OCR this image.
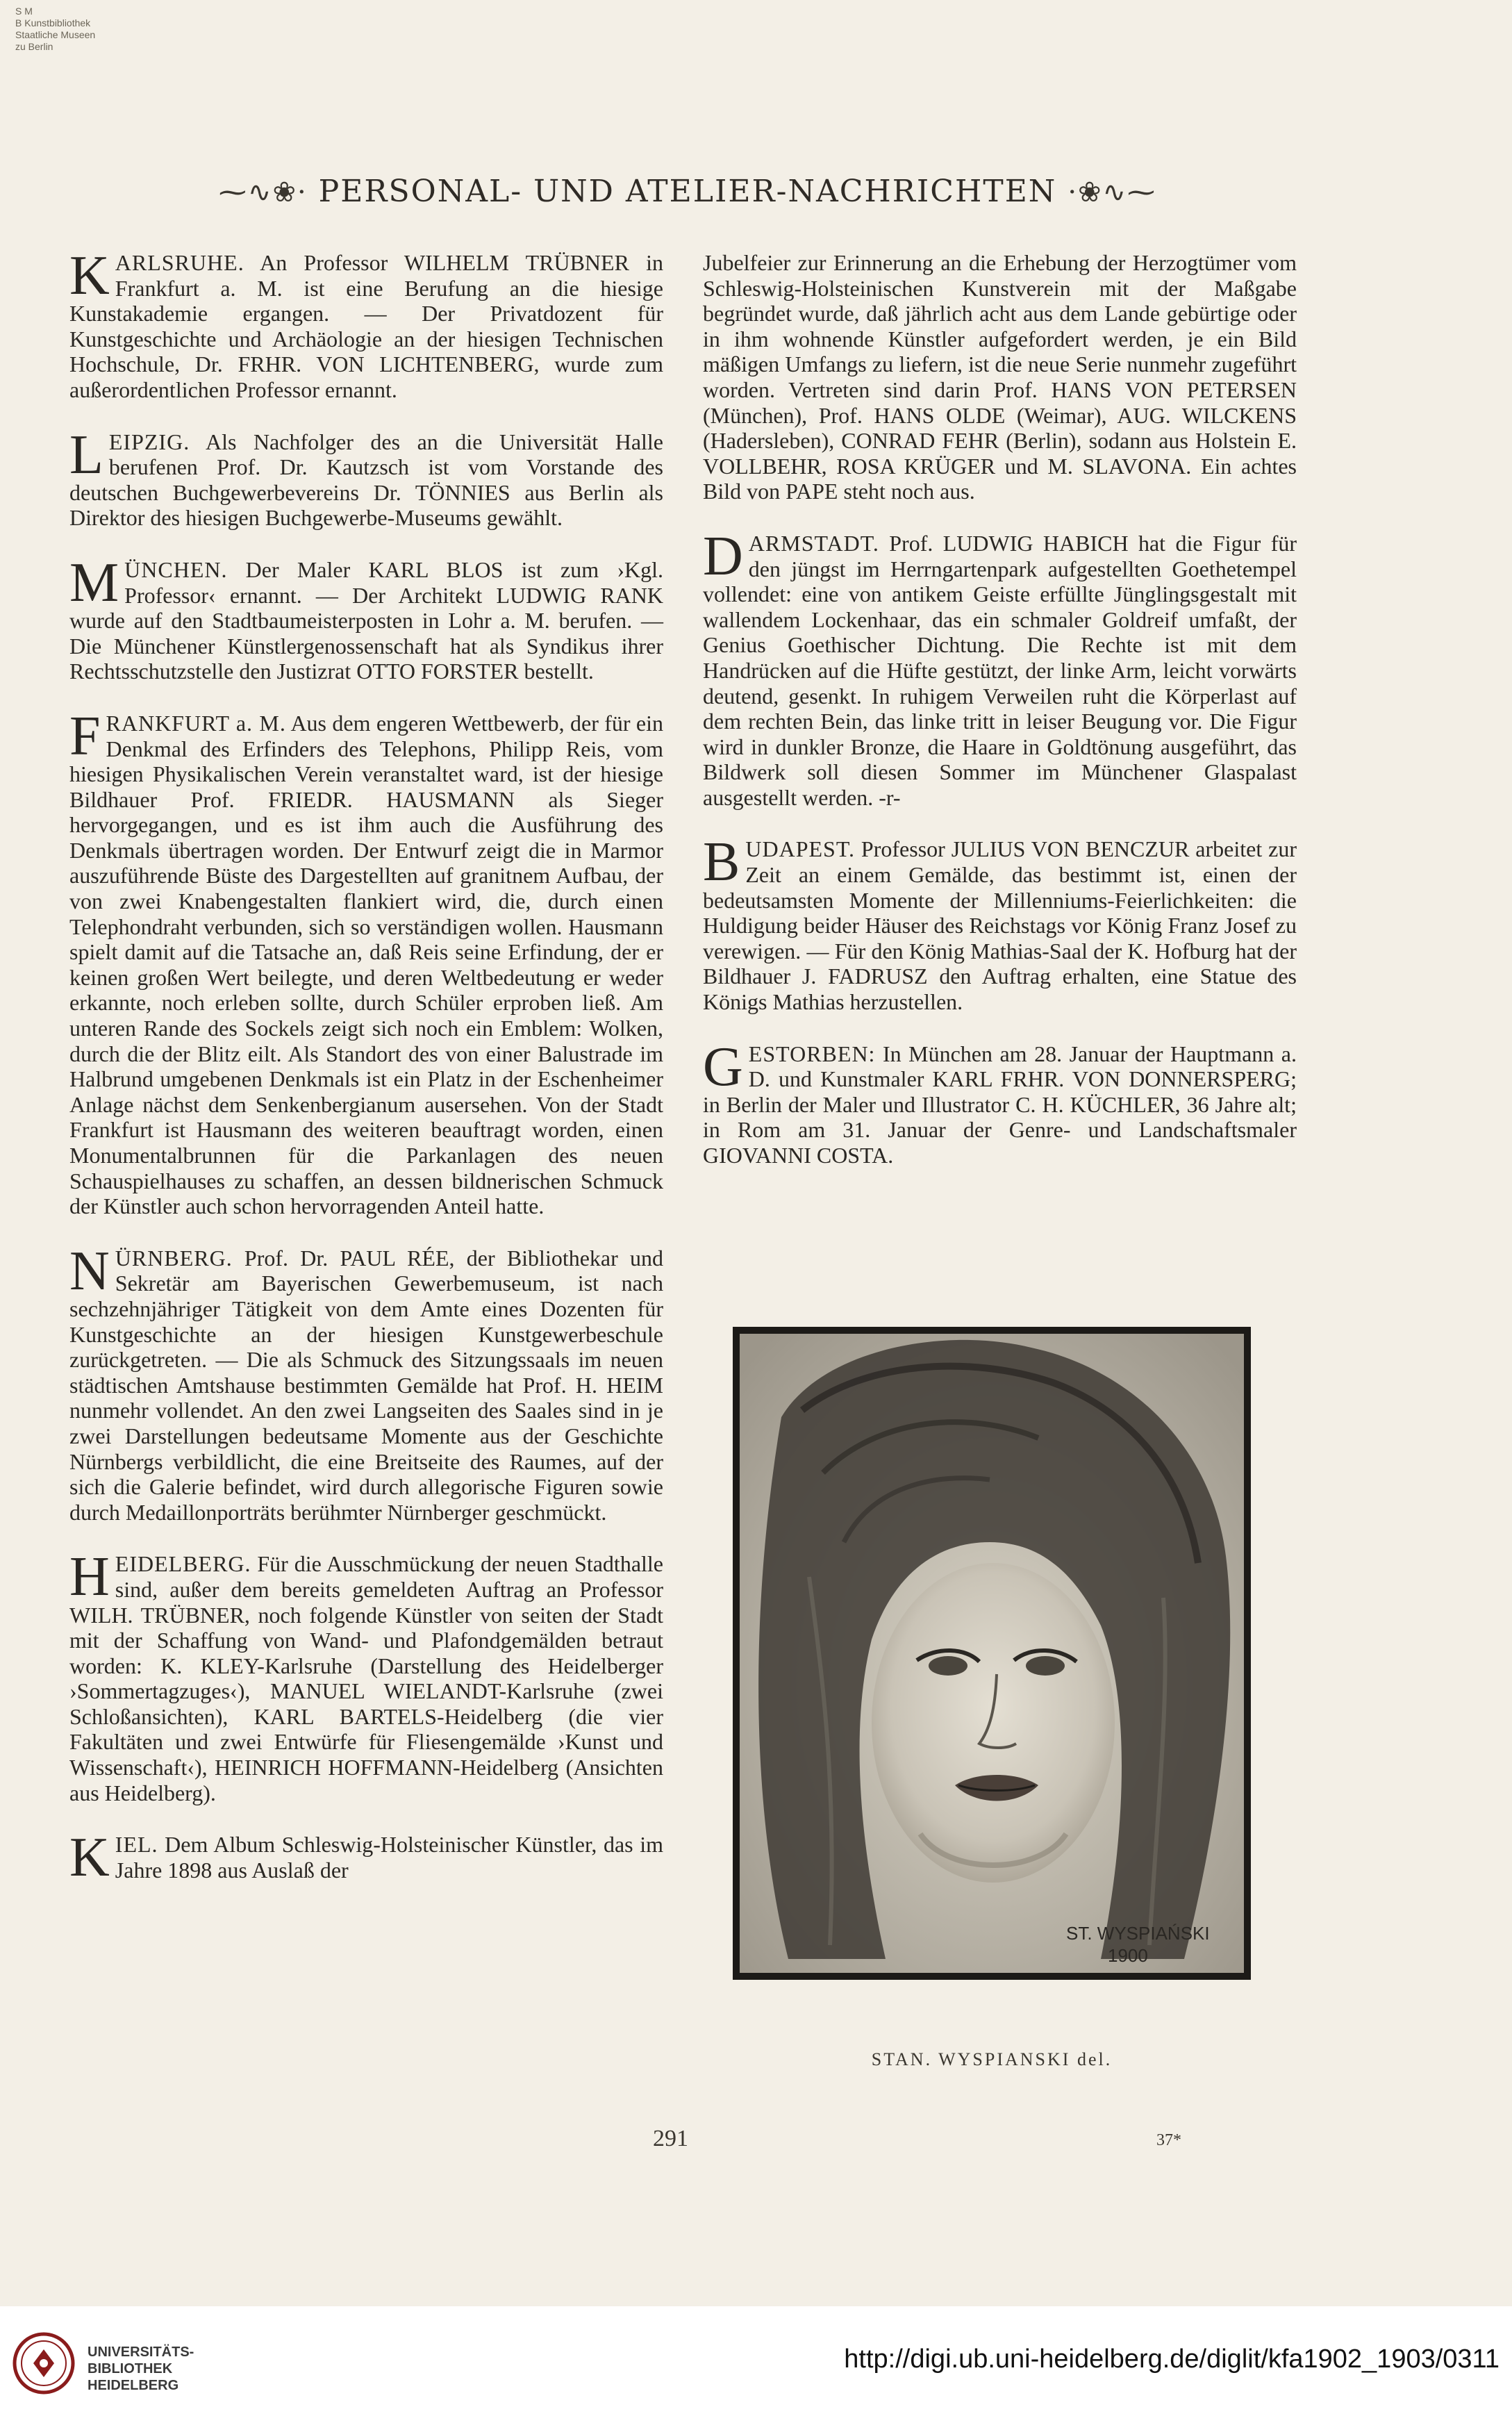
S M
B Kunstbibliothek
Staatliche Museen
zu Berlin
⁓∿❀· PERSONAL- UND ATELIER-NACHRICHTEN ·❀∿⁓

KARLSRUHE. An Professor WILHELM TRÜBNER in Frankfurt a. M. ist eine Berufung an die hiesige Kunstakademie ergangen. — Der Privatdozent für Kunstgeschichte und Archäologie an der hiesigen Technischen Hochschule, Dr. FRHR. VON LICHTENBERG, wurde zum außerordentlichen Professor ernannt.

LEIPZIG. Als Nachfolger des an die Universität Halle berufenen Prof. Dr. Kautzsch ist vom Vorstande des deutschen Buchgewerbevereins Dr. TÖNNIES aus Berlin als Direktor des hiesigen Buchgewerbe-Museums gewählt.

MÜNCHEN. Der Maler KARL BLOS ist zum ›Kgl. Professor‹ ernannt. — Der Architekt LUDWIG RANK wurde auf den Stadtbaumeisterposten in Lohr a. M. berufen. — Die Münchener Künstlergenossenschaft hat als Syndikus ihrer Rechtsschutzstelle den Justizrat OTTO FORSTER bestellt.

FRANKFURT a. M. Aus dem engeren Wettbewerb, der für ein Denkmal des Erfinders des Telephons, Philipp Reis, vom hiesigen Physikalischen Verein veranstaltet ward, ist der hiesige Bildhauer Prof. FRIEDR. HAUSMANN als Sieger hervorgegangen, und es ist ihm auch die Ausführung des Denkmals übertragen worden. Der Entwurf zeigt die in Marmor auszuführende Büste des Dargestellten auf granitnem Aufbau, der von zwei Knabengestalten flankiert wird, die, durch einen Telephondraht verbunden, sich so verständigen wollen. Hausmann spielt damit auf die Tatsache an, daß Reis seine Erfindung, der er keinen großen Wert beilegte, und deren Weltbedeutung er weder erkannte, noch erleben sollte, durch Schüler erproben ließ. Am unteren Rande des Sockels zeigt sich noch ein Emblem: Wolken, durch die der Blitz eilt. Als Standort des von einer Balustrade im Halbrund umgebenen Denkmals ist ein Platz in der Eschenheimer Anlage nächst dem Senkenbergianum ausersehen. Von der Stadt Frankfurt ist Hausmann des weiteren beauftragt worden, einen Monumentalbrunnen für die Parkanlagen des neuen Schauspielhauses zu schaffen, an dessen bildnerischen Schmuck der Künstler auch schon hervorragenden Anteil hatte.

NÜRNBERG. Prof. Dr. PAUL RÉE, der Bibliothekar und Sekretär am Bayerischen Gewerbemuseum, ist nach sechzehnjähriger Tätigkeit von dem Amte eines Dozenten für Kunstgeschichte an der hiesigen Kunstgewerbeschule zurückgetreten. — Die als Schmuck des Sitzungssaals im neuen städtischen Amtshause bestimmten Gemälde hat Prof. H. HEIM nunmehr vollendet. An den zwei Langseiten des Saales sind in je zwei Darstellungen bedeutsame Momente aus der Geschichte Nürnbergs verbildlicht, die eine Breitseite des Raumes, auf der sich die Galerie befindet, wird durch allegorische Figuren sowie durch Medaillonporträts berühmter Nürnberger geschmückt.

HEIDELBERG. Für die Ausschmückung der neuen Stadthalle sind, außer dem bereits gemeldeten Auftrag an Professor WILH. TRÜBNER, noch folgende Künstler von seiten der Stadt mit der Schaffung von Wand- und Plafondgemälden betraut worden: K. KLEY-Karlsruhe (Darstellung des Heidelberger ›Sommertagzuges‹), MANUEL WIELANDT-Karlsruhe (zwei Schloßansichten), KARL BARTELS-Heidelberg (die vier Fakultäten und zwei Entwürfe für Fliesengemälde ›Kunst und Wissenschaft‹), HEINRICH HOFFMANN-Heidelberg (Ansichten aus Heidelberg).

KIEL. Dem Album Schleswig-Holsteinischer Künstler, das im Jahre 1898 aus Auslaß der

Jubelfeier zur Erinnerung an die Erhebung der Herzogtümer vom Schleswig-Holsteinischen Kunstverein mit der Maßgabe begründet wurde, daß jährlich acht aus dem Lande gebürtige oder in ihm wohnende Künstler aufgefordert werden, je ein Bild mäßigen Umfangs zu liefern, ist die neue Serie nunmehr zugeführt worden. Vertreten sind darin Prof. HANS VON PETERSEN (München), Prof. HANS OLDE (Weimar), AUG. WILCKENS (Hadersleben), CONRAD FEHR (Berlin), sodann aus Holstein E. VOLLBEHR, ROSA KRÜGER und M. SLAVONA. Ein achtes Bild von PAPE steht noch aus.

DARMSTADT. Prof. LUDWIG HABICH hat die Figur für den jüngst im Herrngartenpark aufgestellten Goethetempel vollendet: eine von antikem Geiste erfüllte Jünglingsgestalt mit wallendem Lockenhaar, das ein schmaler Goldreif umfaßt, der Genius Goethischer Dichtung. Die Rechte ist mit dem Handrücken auf die Hüfte gestützt, der linke Arm, leicht vorwärts deutend, gesenkt. In ruhigem Verweilen ruht die Körperlast auf dem rechten Bein, das linke tritt in leiser Beugung vor. Die Figur wird in dunkler Bronze, die Haare in Goldtönung ausgeführt, das Bildwerk soll diesen Sommer im Münchener Glaspalast ausgestellt werden. -r-

BUDAPEST. Professor JULIUS VON BENCZUR arbeitet zur Zeit an einem Gemälde, das bestimmt ist, einen der bedeutsamsten Momente der Millenniums-Feierlichkeiten: die Huldigung beider Häuser des Reichstags vor König Franz Josef zu verewigen. — Für den König Mathias-Saal der K. Hofburg hat der Bildhauer J. FADRUSZ den Auftrag erhalten, eine Statue des Königs Mathias herzustellen.

GESTORBEN: In München am 28. Januar der Hauptmann a. D. und Kunstmaler KARL FRHR. VON DONNERSPERG; in Berlin der Maler und Illustrator C. H. KÜCHLER, 36 Jahre alt; in Rom am 31. Januar der Genre- und Landschaftsmaler GIOVANNI COSTA.

ST. WYSPIAŃSKI
1900
STAN. WYSPIANSKI del.
291	37*
UNIVERSITÄTS-
BIBLIOTHEK
HEIDELBERG
http://digi.ub.uni-heidelberg.de/diglit/kfa1902_1903/0311
